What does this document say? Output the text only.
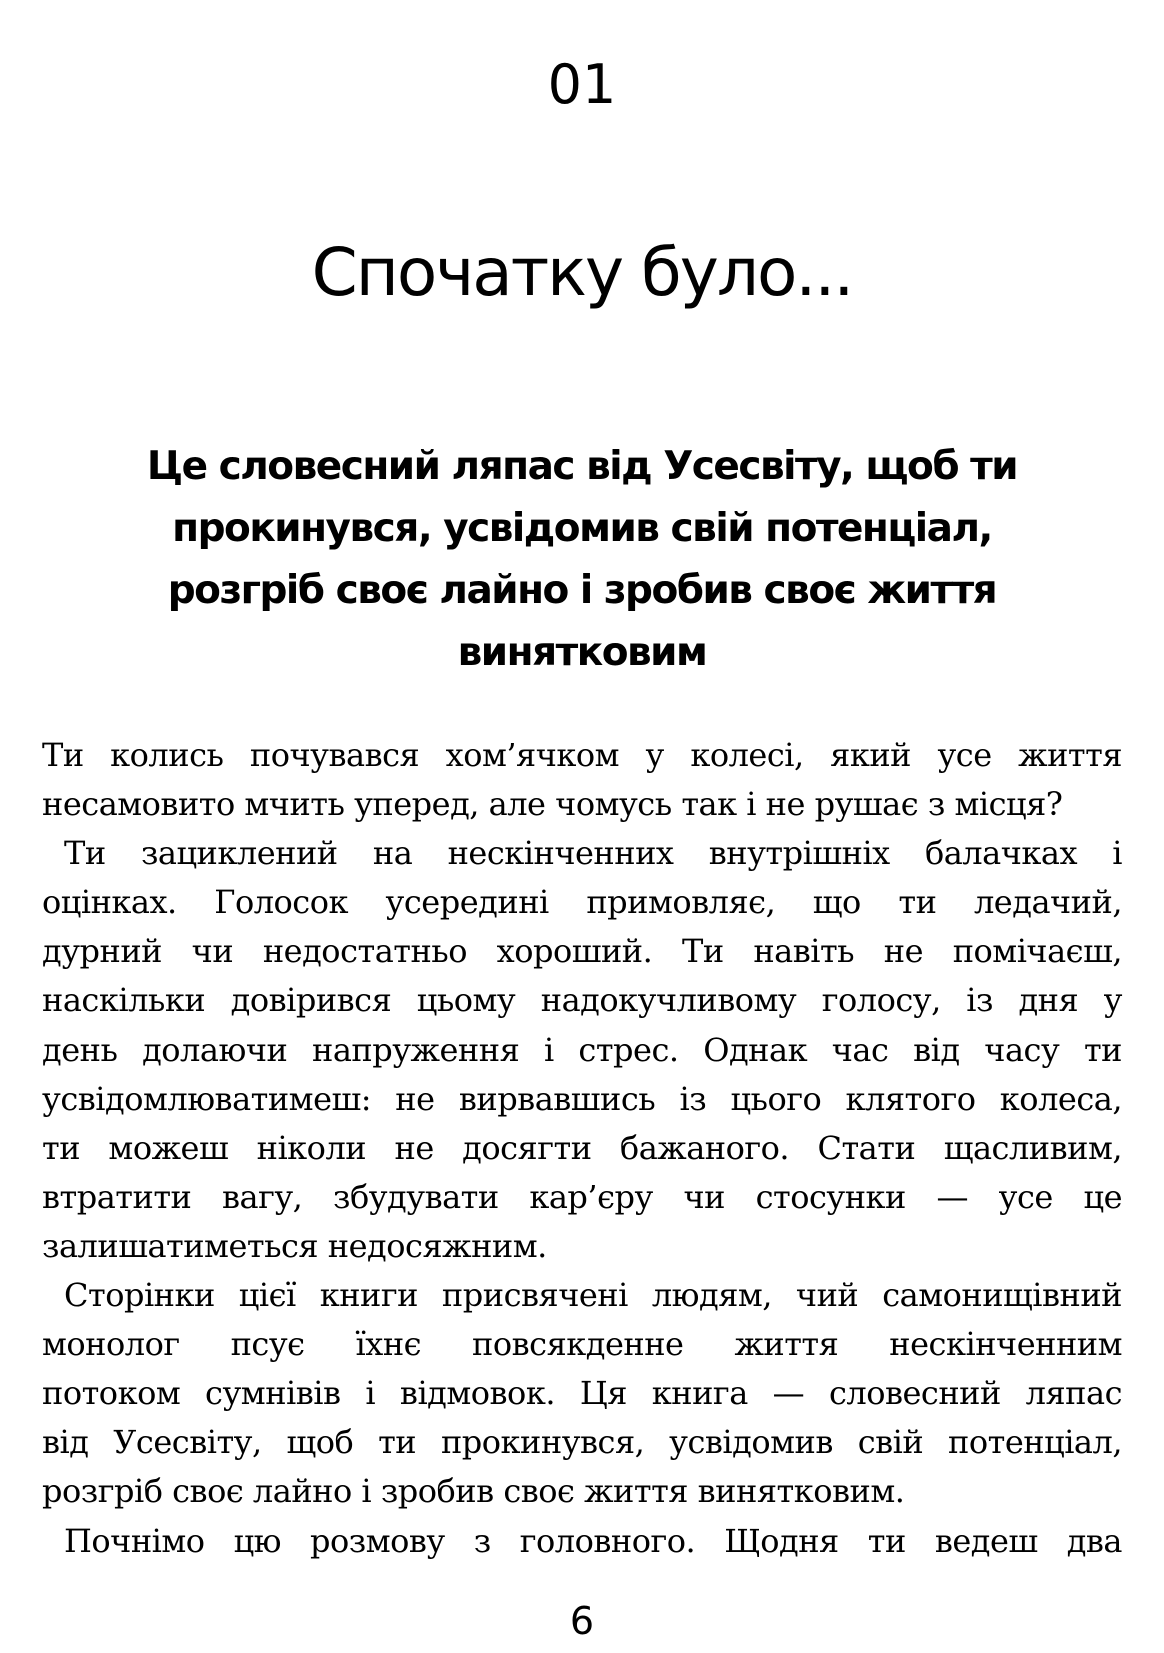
01
Спочатку було...
Це словесний ляпас від Усесвіту, щоб ти
прокинувся, усвідомив свій потенціал,
розгріб своє лайно і зробив своє життя
винятковим
Ти колись почувався хом’ячком у колесі, який усе життя
несамовито мчить уперед, але чомусь так і не рушає з місця?
Ти зациклений на нескінченних внутрішніх балачках і
оцінках. Голосок усередині примовляє, що ти ледачий,
дурний чи недостатньо хороший. Ти навіть не помічаєш,
наскільки довірився цьому надокучливому голосу, із дня у
день долаючи напруження і стрес. Однак час від часу ти
усвідомлюватимеш: не вирвавшись із цього клятого колеса,
ти можеш ніколи не досягти бажаного. Стати щасливим,
втратити вагу, збудувати кар’єру чи стосунки — усе це
залишатиметься недосяжним.
Сторінки цієї книги присвячені людям, чий самонищівний
монолог псує їхнє повсякденне життя нескінченним
потоком сумнівів і відмовок. Ця книга — словесний ляпас
від Усесвіту, щоб ти прокинувся, усвідомив свій потенціал,
розгріб своє лайно і зробив своє життя винятковим.
Почнімо цю розмову з головного. Щодня ти ведеш два
6
